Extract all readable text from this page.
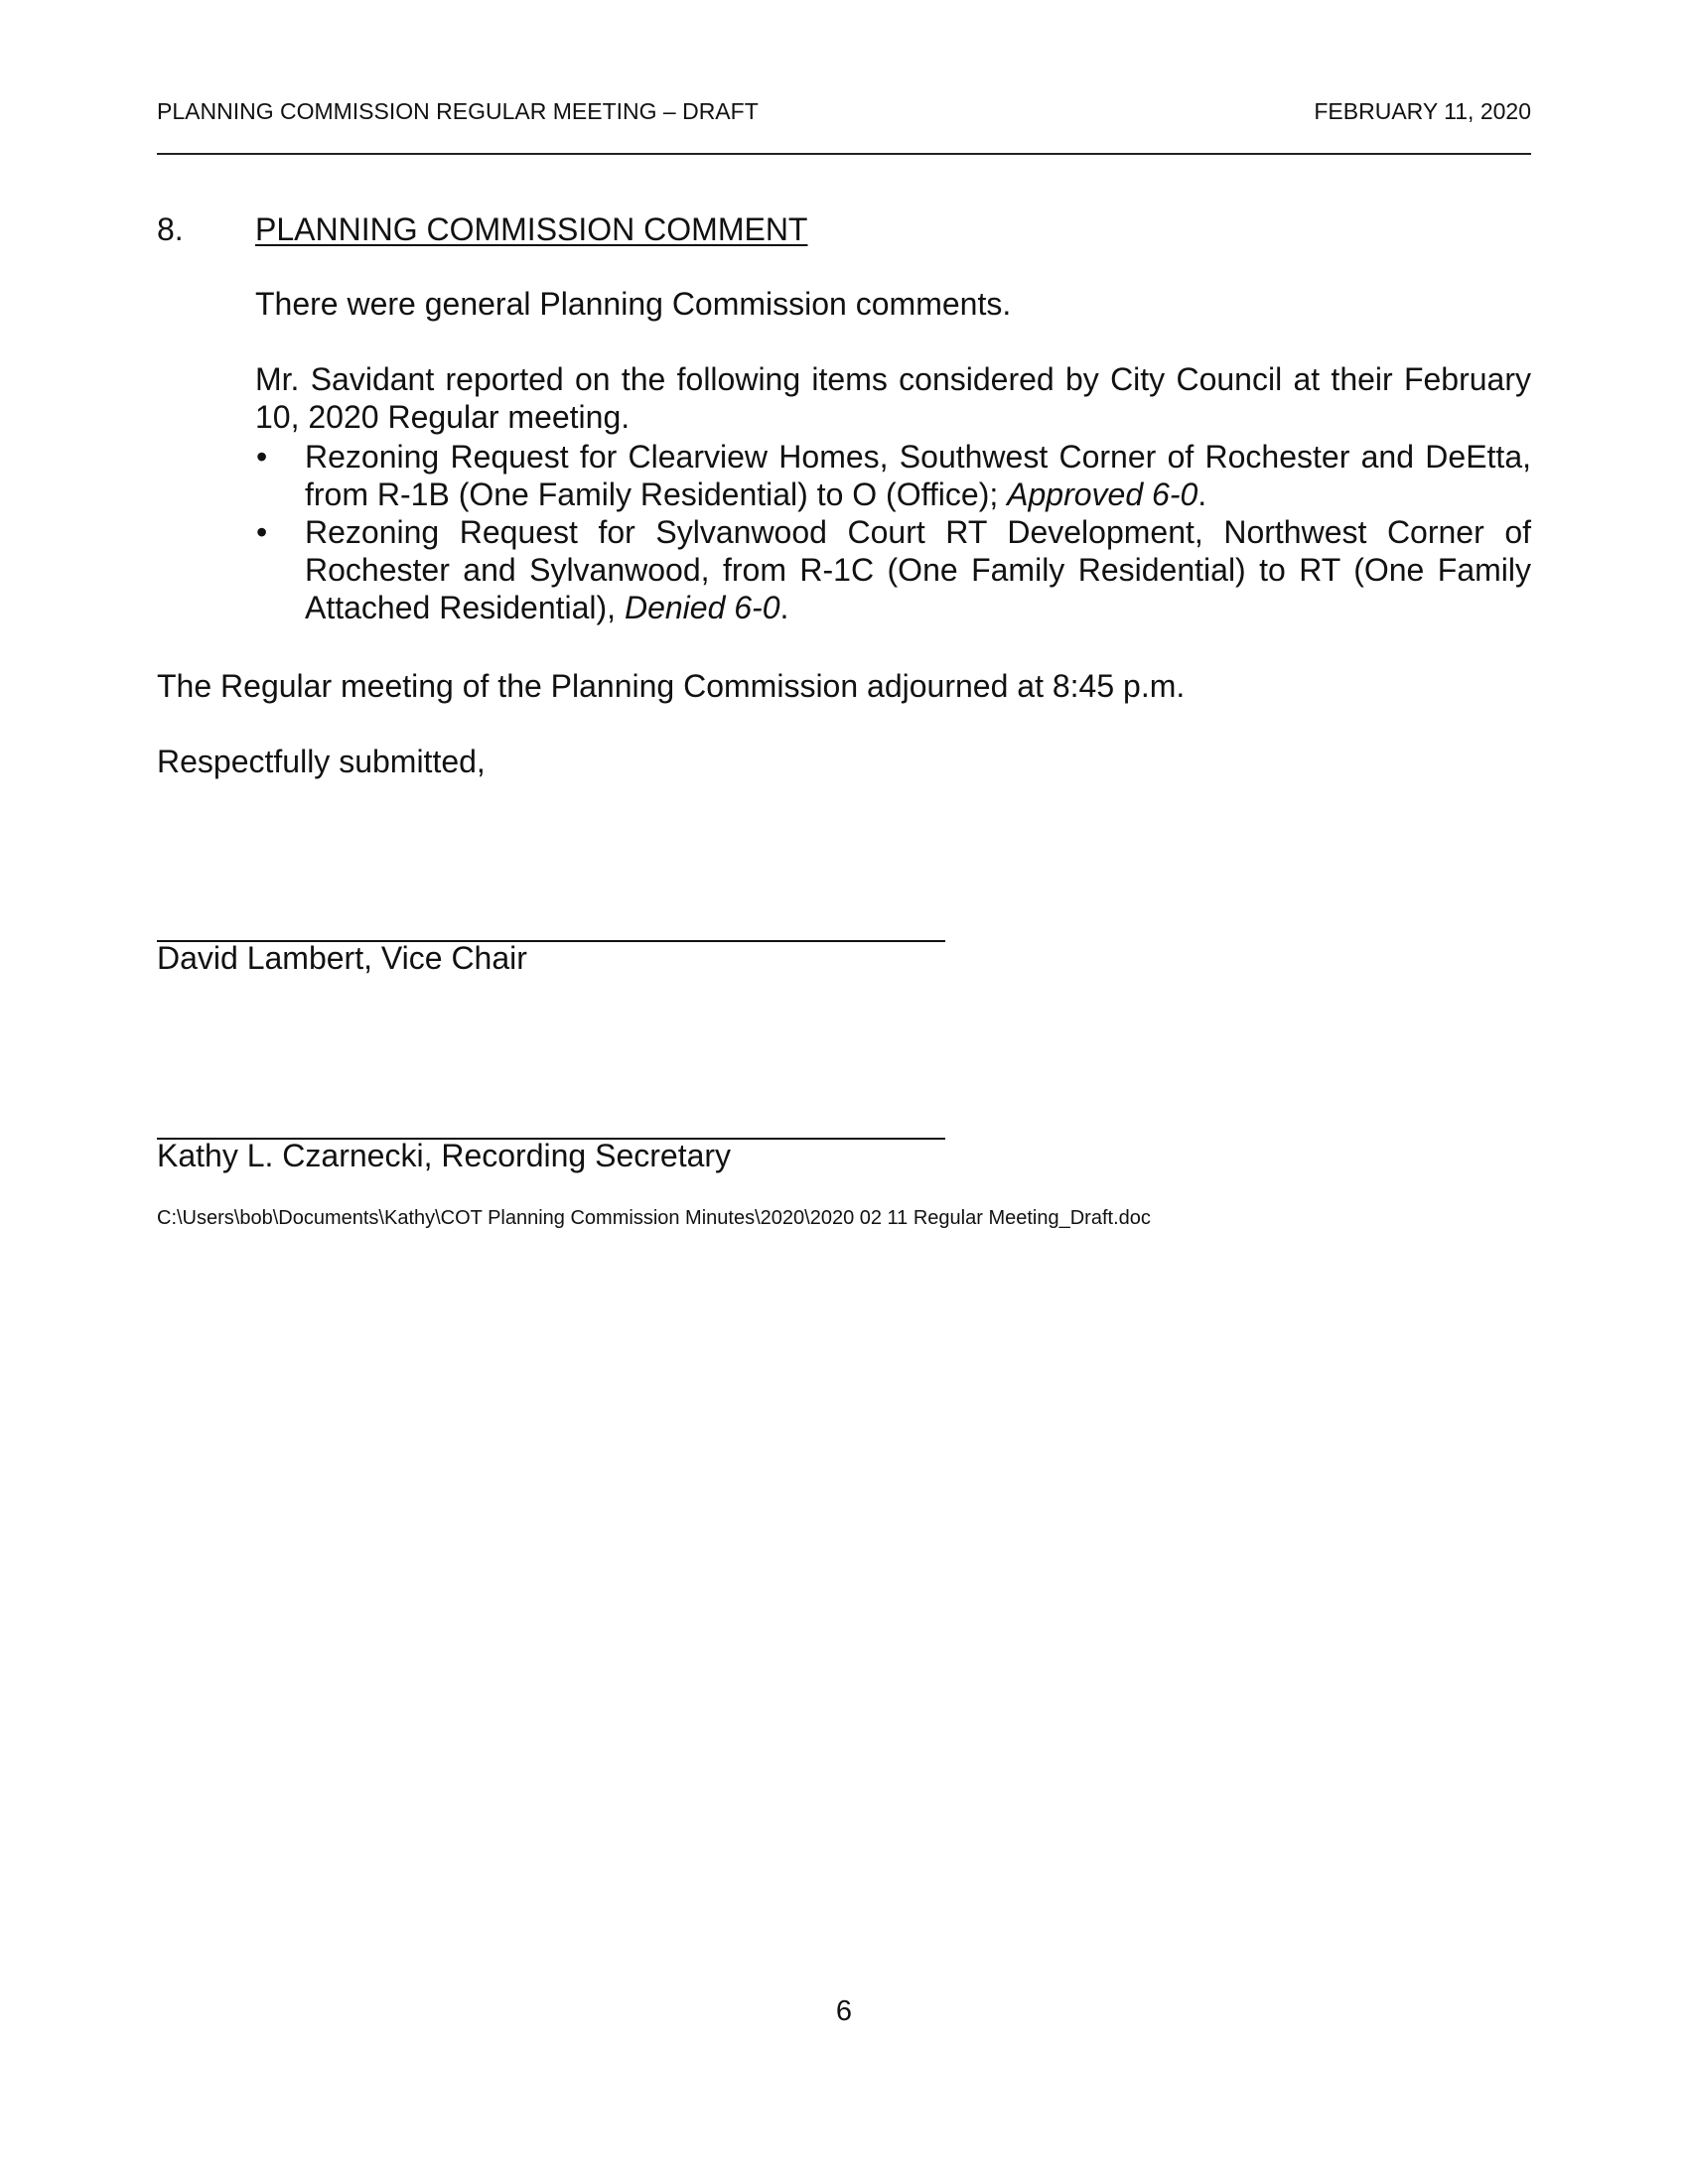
PLANNING COMMISSION REGULAR MEETING – DRAFT	FEBRUARY 11, 2020
8. PLANNING COMMISSION COMMENT
There were general Planning Commission comments.
Mr. Savidant reported on the following items considered by City Council at their February 10, 2020 Regular meeting.
• Rezoning Request for Clearview Homes, Southwest Corner of Rochester and DeEtta, from R-1B (One Family Residential) to O (Office); Approved 6-0.
• Rezoning Request for Sylvanwood Court RT Development, Northwest Corner of Rochester and Sylvanwood, from R-1C (One Family Residential) to RT (One Family Attached Residential), Denied 6-0.
The Regular meeting of the Planning Commission adjourned at 8:45 p.m.
Respectfully submitted,
David Lambert, Vice Chair
Kathy L. Czarnecki, Recording Secretary
C:\Users\bob\Documents\Kathy\COT Planning Commission Minutes\2020\2020 02 11 Regular Meeting_Draft.doc
6
